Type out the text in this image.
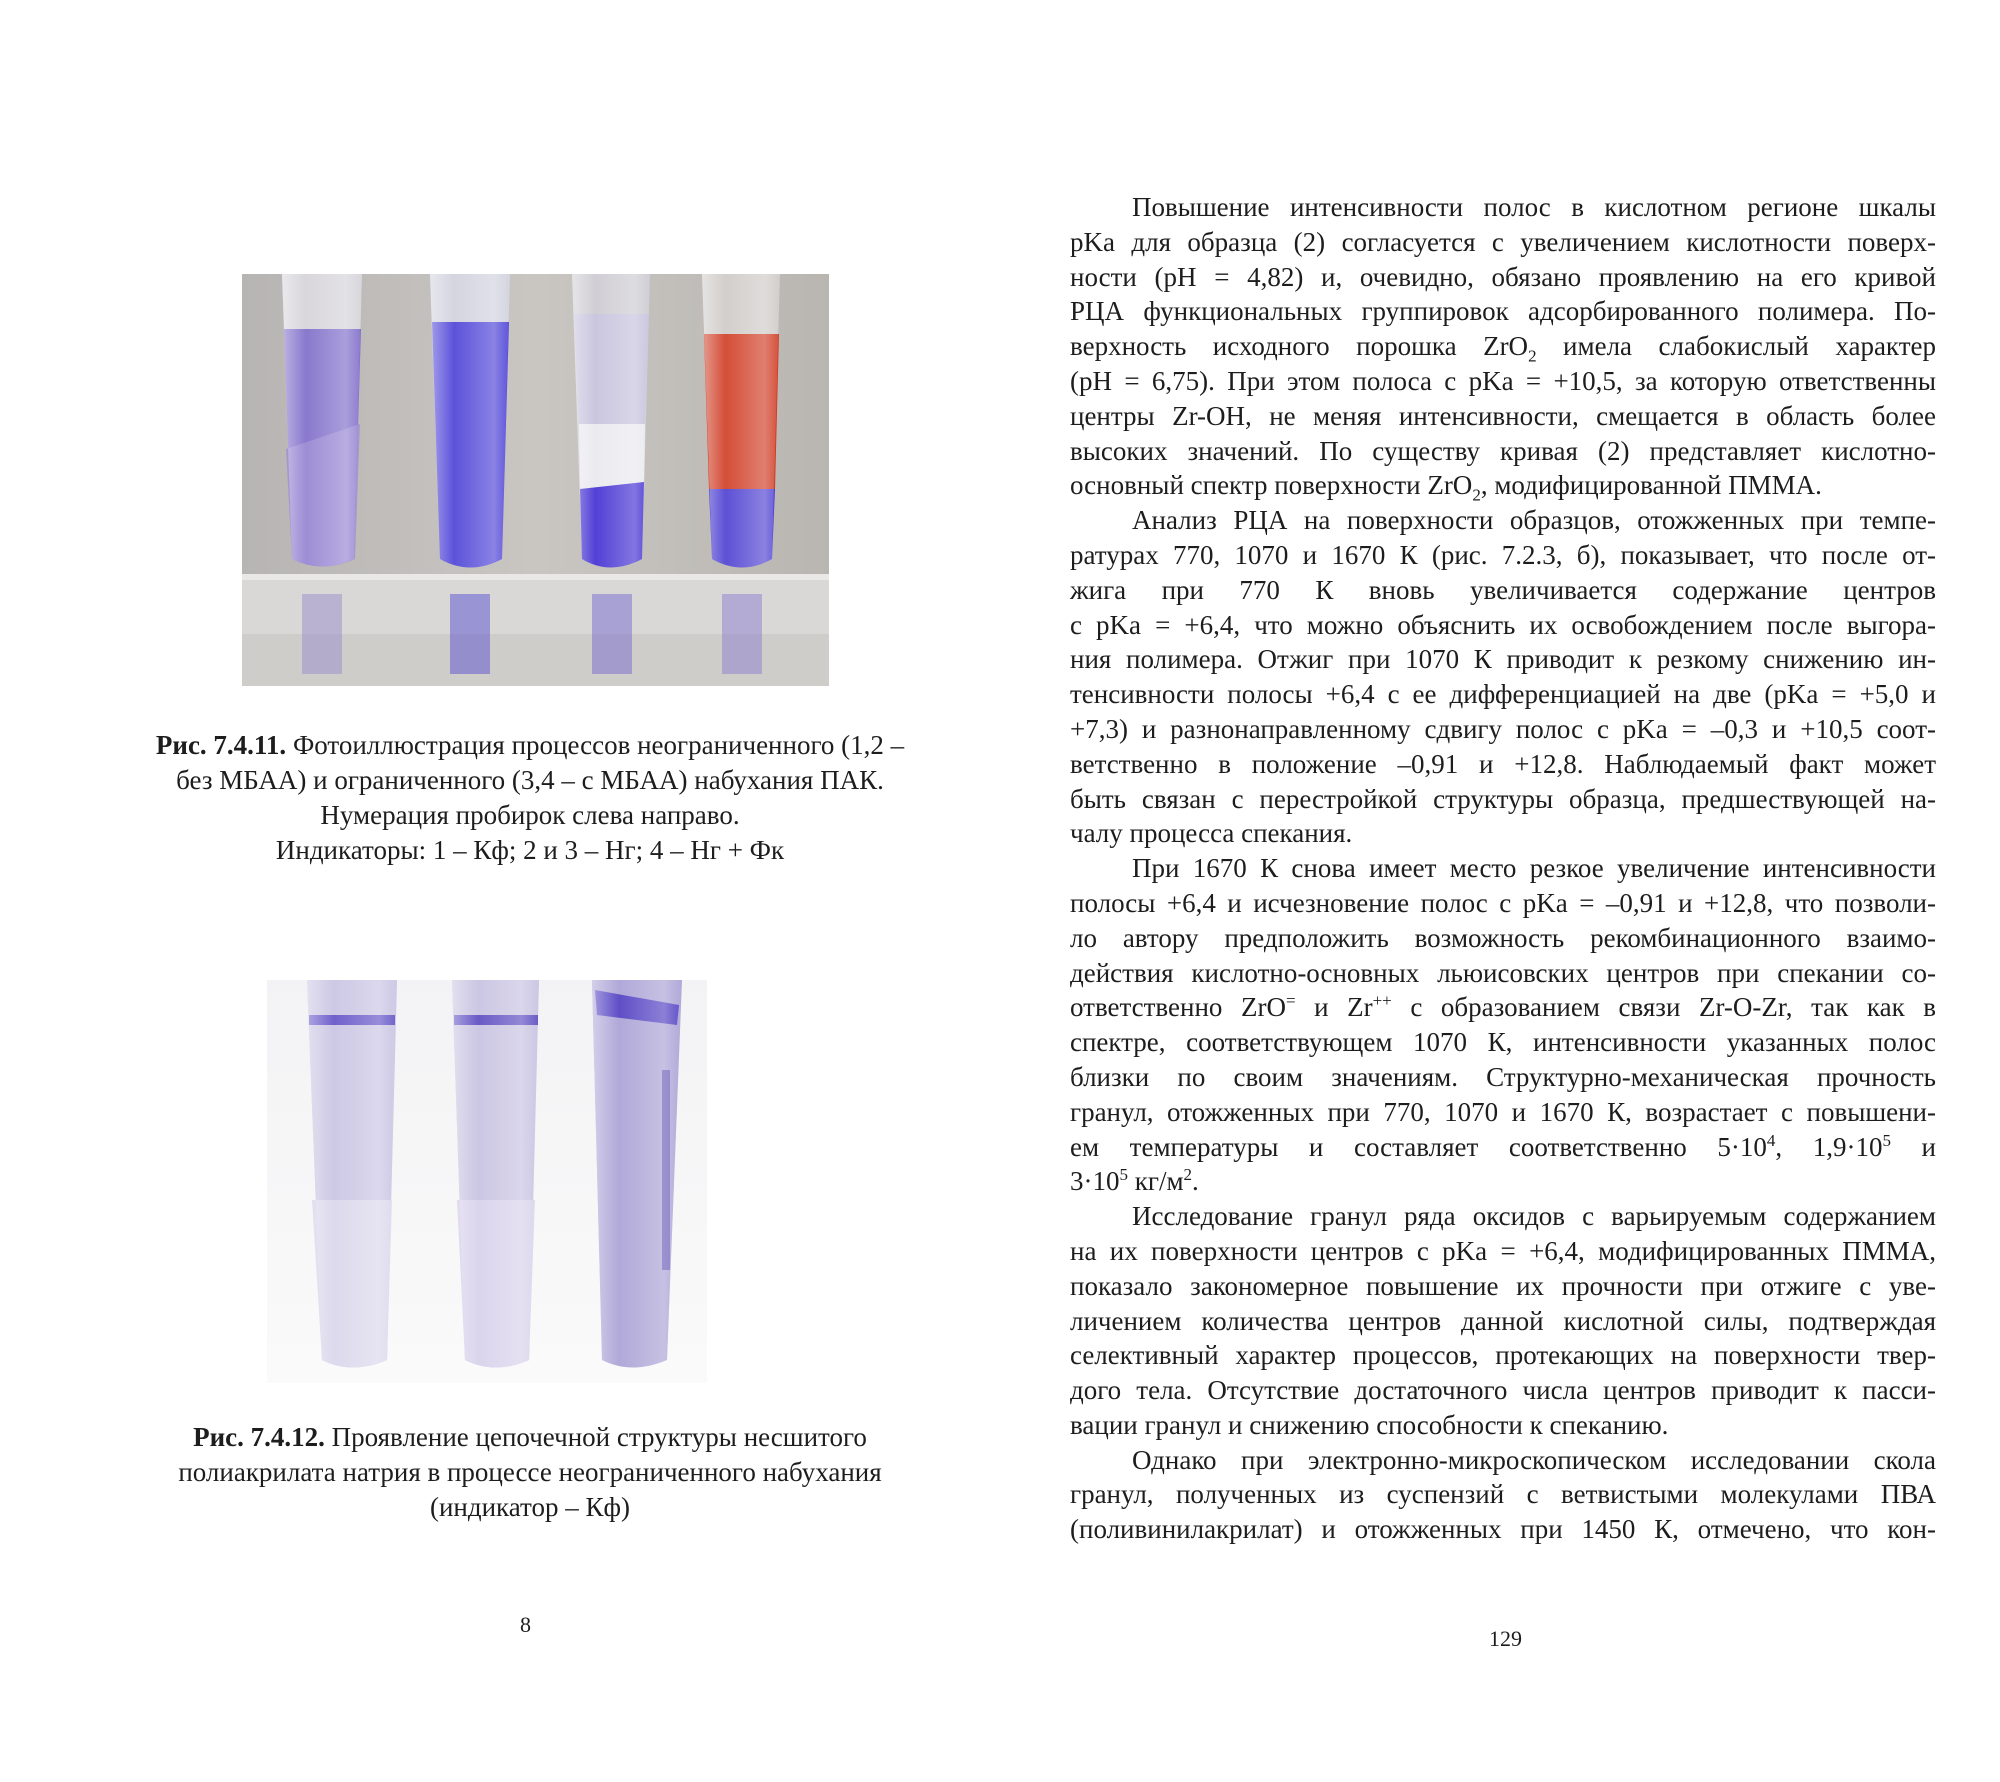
Рис. 7.4.11. Фотоиллюстрация процессов неограниченного (1,2 –
без МБАА) и ограниченного (3,4 – с МБАА) набухания ПАК.
Нумерация пробирок слева направо.
Индикаторы: 1 – Кф; 2 и 3 – Нг; 4 – Нг + Фк
Рис. 7.4.12. Проявление цепочечной структуры несшитого
полиакрилата натрия в процессе неограниченного набухания
(индикатор – Кф)
8
Повышение интенсивности полос в кислотном регионе шкалы
pKa для образца (2) согласуется с увеличением кислотности поверх-
ности (pH = 4,82) и, очевидно, обязано проявлению на его кривой
РЦА функциональных группировок адсорбированного полимера. По-
верхность исходного порошка ZrO$_2$ имела слабокислый характер
(pH = 6,75). При этом полоса с pKa = +10,5, за которую ответственны
центры Zr-OH, не меняя интенсивности, смещается в область более
высоких значений. По существу кривая (2) представляет кислотно-
основный спектр поверхности ZrO$_2$, модифицированной ПММА.
Анализ РЦА на поверхности образцов, отожженных при темпе-
ратурах 770, 1070 и 1670 К (рис. 7.2.3, б), показывает, что после от-
жига при 770 К вновь увеличивается содержание центров
с pKa = +6,4, что можно объяснить их освобождением после выгора-
ния полимера. Отжиг при 1070 К приводит к резкому снижению ин-
тенсивности полосы +6,4 с ее дифференциацией на две (pKa = +5,0 и
+7,3) и разнонаправленному сдвигу полос с pKa = –0,3 и +10,5 соот-
ветственно в положение –0,91 и +12,8. Наблюдаемый факт может
быть связан с перестройкой структуры образца, предшествующей на-
чалу процесса спекания.
При 1670 К снова имеет место резкое увеличение интенсивности
полосы +6,4 и исчезновение полос с pKa = –0,91 и +12,8, что позволи-
ло автору предположить возможность рекомбинационного взаимо-
действия кислотно-основных льюисовских центров при спекании со-
ответственно ZrO= и Zr++ с образованием связи Zr-O-Zr, так как в
спектре, соответствующем 1070 К, интенсивности указанных полос
близки по своим значениям. Структурно-механическая прочность
гранул, отожженных при 770, 1070 и 1670 К, возрастает с повышени-
ем температуры и составляет соответственно $5\cdot 10^4$, $1,9\cdot 10^5$ и
$3\cdot 10^5$ $кг/м^2$.
Исследование гранул ряда оксидов с варьируемым содержанием
на их поверхности центров с pKa = +6,4, модифицированных ПММА,
показало закономерное повышение их прочности при отжиге с уве-
личением количества центров данной кислотной силы, подтверждая
селективный характер процессов, протекающих на поверхности твер-
дого тела. Отсутствие достаточного числа центров приводит к пасси-
вации гранул и снижению способности к спеканию.
Однако при электронно-микроскопическом исследовании скола
гранул, полученных из суспензий с ветвистыми молекулами ПВА
(поливинилакрилат) и отожженных при 1450 К, отмечено, что кон-
129
